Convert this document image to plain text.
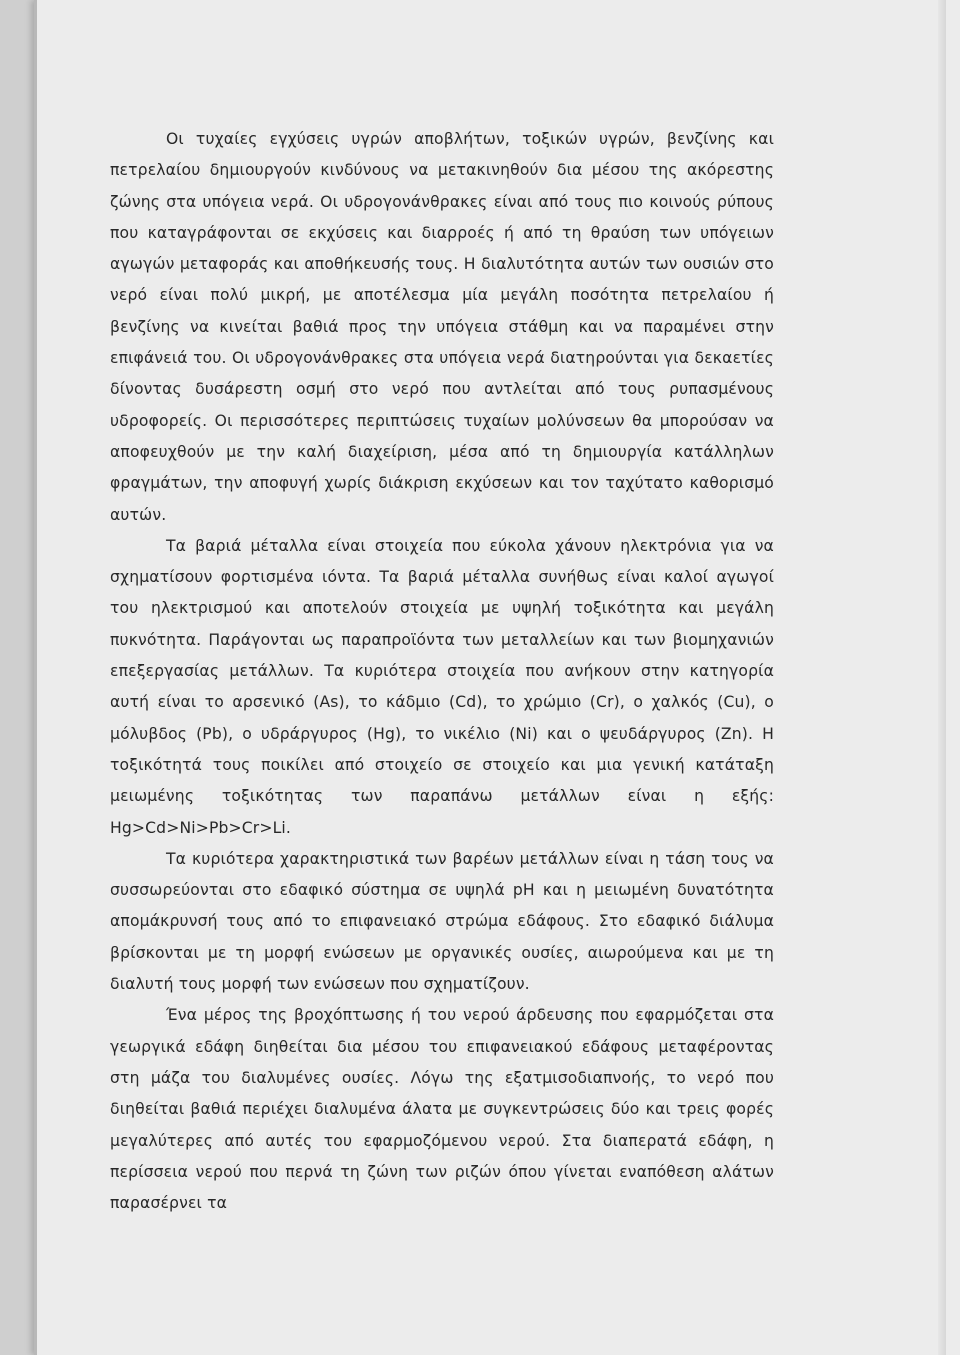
Οι τυχαίες εγχύσεις υγρών αποβλήτων, τοξικών υγρών, βενζίνης και πετρελαίου δημιουργούν κινδύνους να μετακινηθούν δια μέσου της ακόρεστης ζώνης στα υπόγεια νερά. Οι υδρογονάνθρακες είναι από τους πιο κοινούς ρύπους που καταγράφονται σε εκχύσεις και διαρροές ή από τη θραύση των υπόγειων αγωγών μεταφοράς και αποθήκευσής τους. Η διαλυτότητα αυτών των ουσιών στο νερό είναι πολύ μικρή, με αποτέλεσμα μία μεγάλη ποσότητα πετρελαίου ή βενζίνης να κινείται βαθιά προς την υπόγεια στάθμη και να παραμένει στην επιφάνειά του. Οι υδρογονάνθρακες στα υπόγεια νερά διατηρούνται για δεκαετίες δίνοντας δυσάρεστη οσμή στο νερό που αντλείται από τους ρυπασμένους υδροφορείς. Οι περισσότερες περιπτώσεις τυχαίων μολύνσεων θα μπορούσαν να αποφευχθούν με την καλή διαχείριση, μέσα από τη δημιουργία κατάλληλων φραγμάτων, την αποφυγή χωρίς διάκριση εκχύσεων και τον ταχύτατο καθορισμό αυτών.

Τα βαριά μέταλλα είναι στοιχεία που εύκολα χάνουν ηλεκτρόνια για να σχηματίσουν φορτισμένα ιόντα. Τα βαριά μέταλλα συνήθως είναι καλοί αγωγοί του ηλεκτρισμού και αποτελούν στοιχεία με υψηλή τοξικότητα και μεγάλη πυκνότητα. Παράγονται ως παραπροϊόντα των μεταλλείων και των βιομηχανιών επεξεργασίας μετάλλων. Τα κυριότερα στοιχεία που ανήκουν στην κατηγορία αυτή είναι το αρσενικό (As), το κάδμιο (Cd), το χρώμιο (Cr), ο χαλκός (Cu), ο μόλυβδος (Pb), ο υδράργυρος (Hg), το νικέλιο (Ni) και ο ψευδάργυρος (Zn). Η τοξικότητά τους ποικίλει από στοιχείο σε στοιχείο και μια γενική κατάταξη μειωμένης τοξικότητας των παραπάνω μετάλλων είναι η εξής: Hg>Cd>Ni>Pb>Cr>Li.

Τα κυριότερα χαρακτηριστικά των βαρέων μετάλλων είναι η τάση τους να συσσωρεύονται στο εδαφικό σύστημα σε υψηλά pH και η μειωμένη δυνατότητα απομάκρυνσή τους από το επιφανειακό στρώμα εδάφους. Στο εδαφικό διάλυμα βρίσκονται με τη μορφή ενώσεων με οργανικές ουσίες, αιωρούμενα και με τη διαλυτή τους μορφή των ενώσεων που σχηματίζουν.

Ένα μέρος της βροχόπτωσης ή του νερού άρδευσης που εφαρμόζεται στα γεωργικά εδάφη διηθείται δια μέσου του επιφανειακού εδάφους μεταφέροντας στη μάζα του διαλυμένες ουσίες. Λόγω της εξατμισοδιαπνοής, το νερό που διηθείται βαθιά περιέχει διαλυμένα άλατα με συγκεντρώσεις δύο και τρεις φορές μεγαλύτερες από αυτές του εφαρμοζόμενου νερού. Στα διαπερατά εδάφη, η περίσσεια νερού που περνά τη ζώνη των ριζών όπου γίνεται εναπόθεση αλάτων παρασέρνει τα
